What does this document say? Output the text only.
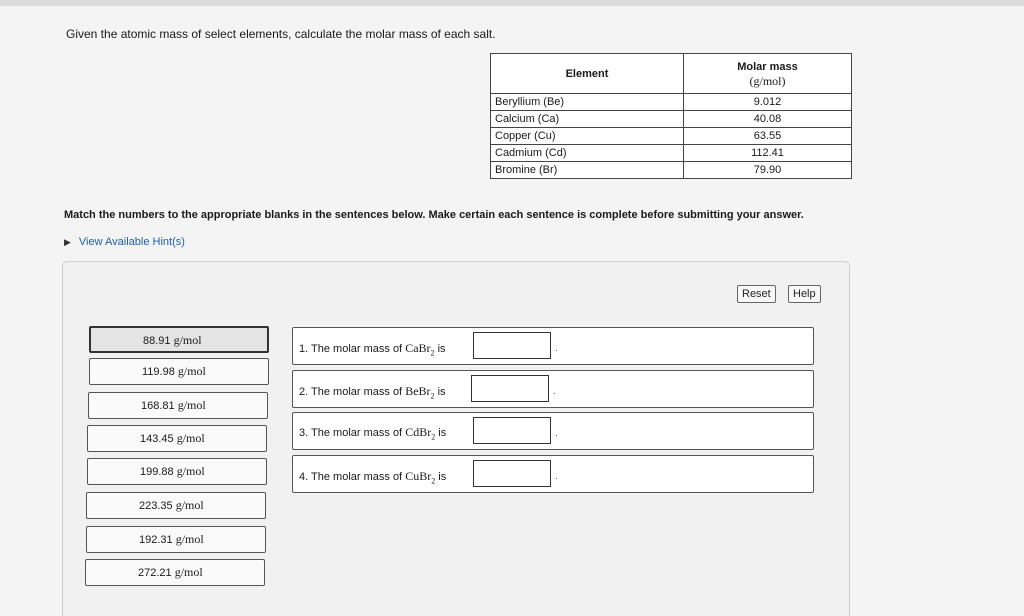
Given the atomic mass of select elements, calculate the molar mass of each salt.
Element	Molar mass
(g/mol)

Beryllium (Be)	9.012
Calcium (Ca)	40.08
Copper (Cu)	63.55
Cadmium (Cd)	112.41
Bromine (Br)	79.90
Match the numbers to the appropriate blanks in the sentences below. Make certain each sentence is complete before submitting your answer.
▶ View Available Hint(s)
Reset	Help
88.91 g/mol
119.98 g/mol
168.81 g/mol
143.45 g/mol
199.88 g/mol
223.35 g/mol
192.31 g/mol
272.21 g/mol
1. The molar mass of CaBr$_2$ is	.
2. The molar mass of BeBr$_2$ is	.
3. The molar mass of CdBr$_2$ is	.
4. The molar mass of CuBr$_2$ is	.
